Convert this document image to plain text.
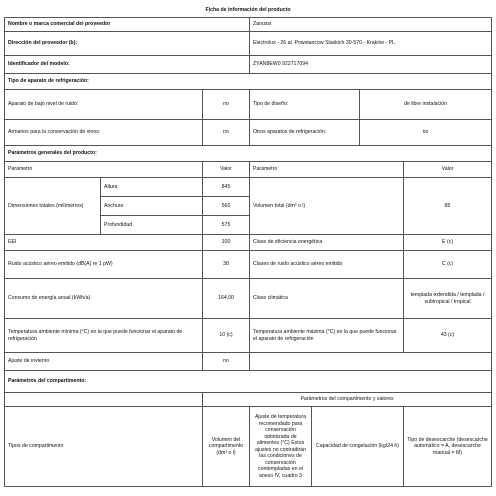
Ficha de información del producto						
Nombre o marca comercial del proveedor			Zanussi			
Dirección del proveedor (b):			Electrolux - 26 al. Powstancow Slaskich 30-570 - Kraków - PL			
Identificador del modelo:			ZYAN8EW0 922717094			
Tipo de aparato de refrigeración:						
Aparato de bajo nivel de ruido:		no	Tipo de diseño:		de libre instalación	
Armarios para la conservación de vinos:		no	Otros aparatos de refrigeración:		no	
Parámetros generales del producto:						
Parámetro		Valor	Parámetro			Valor
Dimensiones totales (milímetros)	Altura	845	Volumen total (dm³ o l)			85
	Anchura	560				
	Profundidad	575				
EEI		100	Clase de eficiencia energética			E (c)
Ruido acústico aéreo emitido (dB(A) re 1 pW)		38	Clases de ruido acústico aéreo emitido			C (c)
Consumo de energía anual (kWh/a)		164,00	Clase climática			templada extendida / templada / subtropical / tropical
Temperatura ambiente mínima (°C) en la que puede funcionar el aparato de refrigeración		10 (c)	Temperatura ambiente máxima (°C) en la que puede funcionar el aparato de refrigeración			43 (c)
Ajuste de invierno		no				
Parámetros del compartimento:						
		Parámetros del compartimento y valores				
Tipos de compartimento		Volumen del compartimento (dm³ o l)	Ajuste de temperatura recomendado para conservación optimizada de alimentos (°C) Estos ajustes no contradirán las condiciones de conservación contempladas en el anexo IV, cuadro 3	Capacidad de congelación (kg/24 h)		Tipo de desescarche (desescarche automático = A, desescarche manual = M)
